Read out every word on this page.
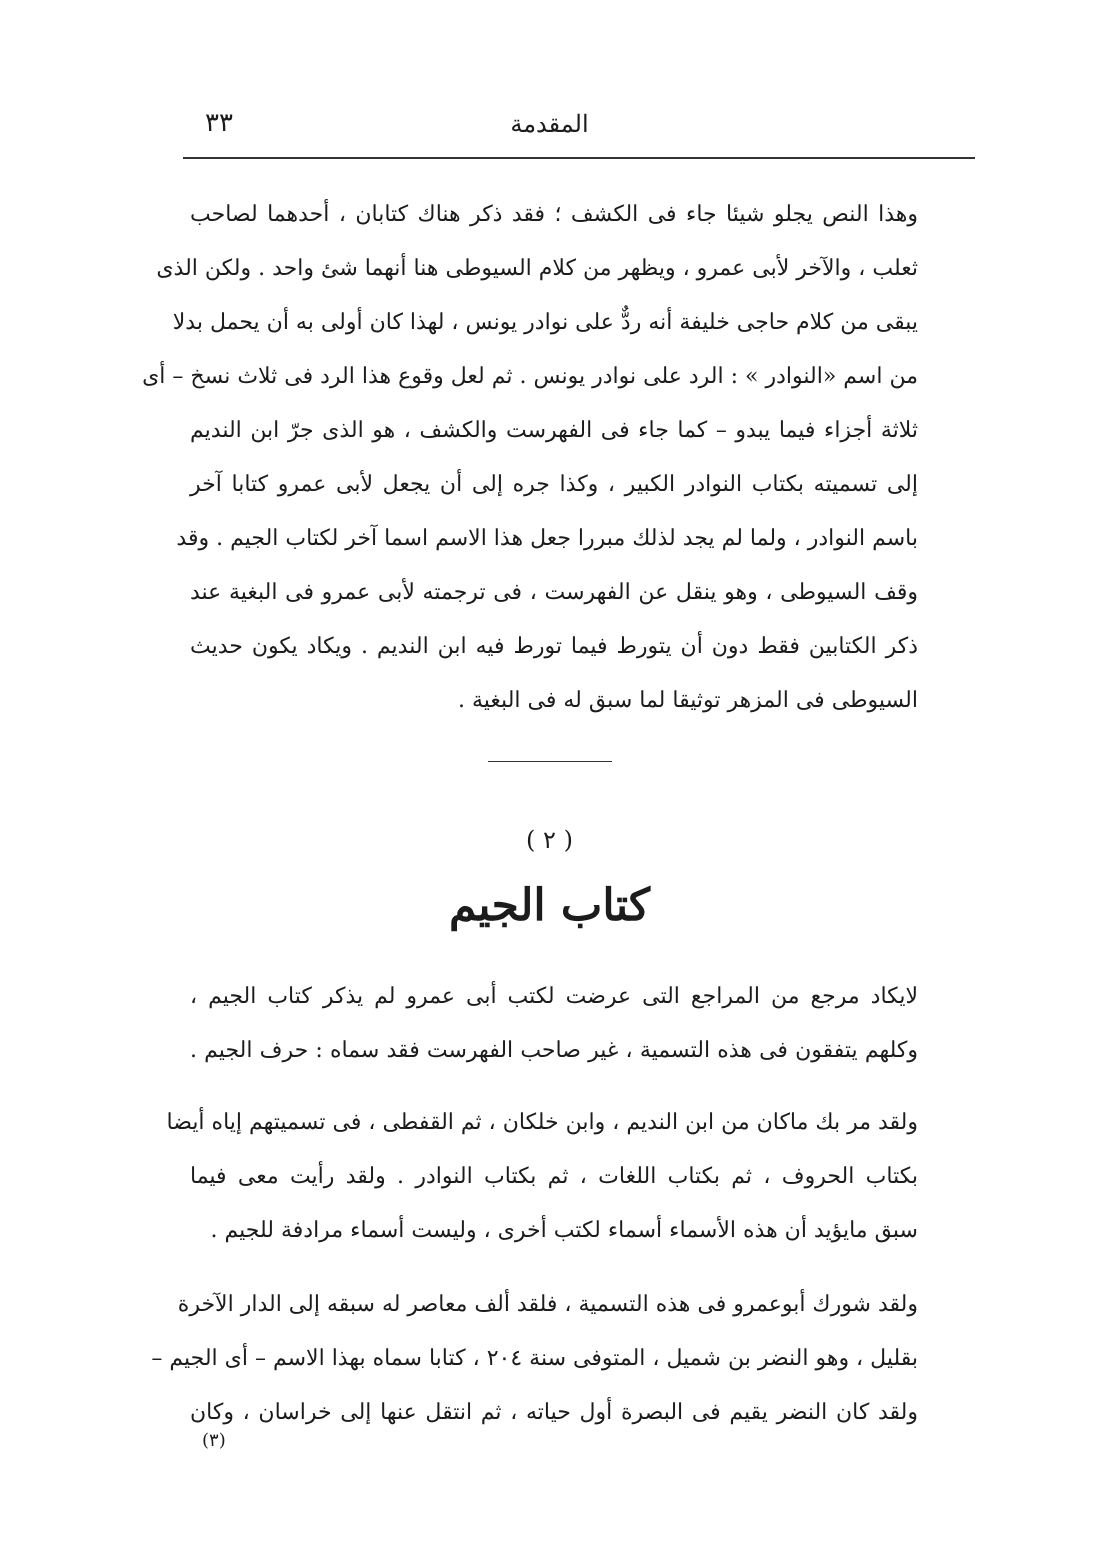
المقدمة
٣٣
وهذا النص يجلو شيئا جاء فى الكشف ؛ فقد ذكر هناك كتابان ، أحدهما لصاحب
ثعلب ، والآخر لأبى عمرو ، ويظهر من كلام السيوطى هنا أنهما شئ واحد . ولكن الذى
يبقى من كلام حاجى خليفة أنه ردٌّ على نوادر يونس ، لهذا كان أولى به أن يحمل بدلا
من اسم «النوادر » : الرد على نوادر يونس . ثم لعل وقوع هذا الرد فى ثلاث نسخ – أى
ثلاثة أجزاء فيما يبدو – كما جاء فى الفهرست والكشف ، هو الذى جرّ ابن النديم
إلى تسميته بكتاب النوادر الكبير ، وكذا جره إلى أن يجعل لأبى عمرو كتابا آخر
باسم النوادر ، ولما لم يجد لذلك مبررا جعل هذا الاسم اسما آخر لكتاب الجيم . وقد
وقف السيوطى ، وهو ينقل عن الفهرست ، فى ترجمته لأبى عمرو فى البغية عند
ذكر الكتابين فقط دون أن يتورط فيما تورط فيه ابن النديم . ويكاد يكون حديث
السيوطى فى المزهر توثيقا لما سبق له فى البغية .
( ٢ )
كتاب الجيم
لايكاد مرجع من المراجع التى عرضت لكتب أبى عمرو لم يذكر كتاب الجيم ،
وكلهم يتفقون فى هذه التسمية ، غير صاحب الفهرست فقد سماه : حرف الجيم .
ولقد مر بك ماكان من ابن النديم ، وابن خلكان ، ثم القفطى ، فى تسميتهم إياه أيضا
بكتاب الحروف ، ثم بكتاب اللغات ، ثم بكتاب النوادر . ولقد رأيت معى فيما
سبق مايؤيد أن هذه الأسماء أسماء لكتب أخرى ، وليست أسماء مرادفة للجيم .
ولقد شورك أبوعمرو فى هذه التسمية ، فلقد ألف معاصر له سبقه إلى الدار الآخرة
بقليل ، وهو النضر بن شميل ، المتوفى سنة ٢٠٤ ، كتابا سماه بهذا الاسم – أى الجيم –
ولقد كان النضر يقيم فى البصرة أول حياته ، ثم انتقل عنها إلى خراسان ، وكان
(٣)
